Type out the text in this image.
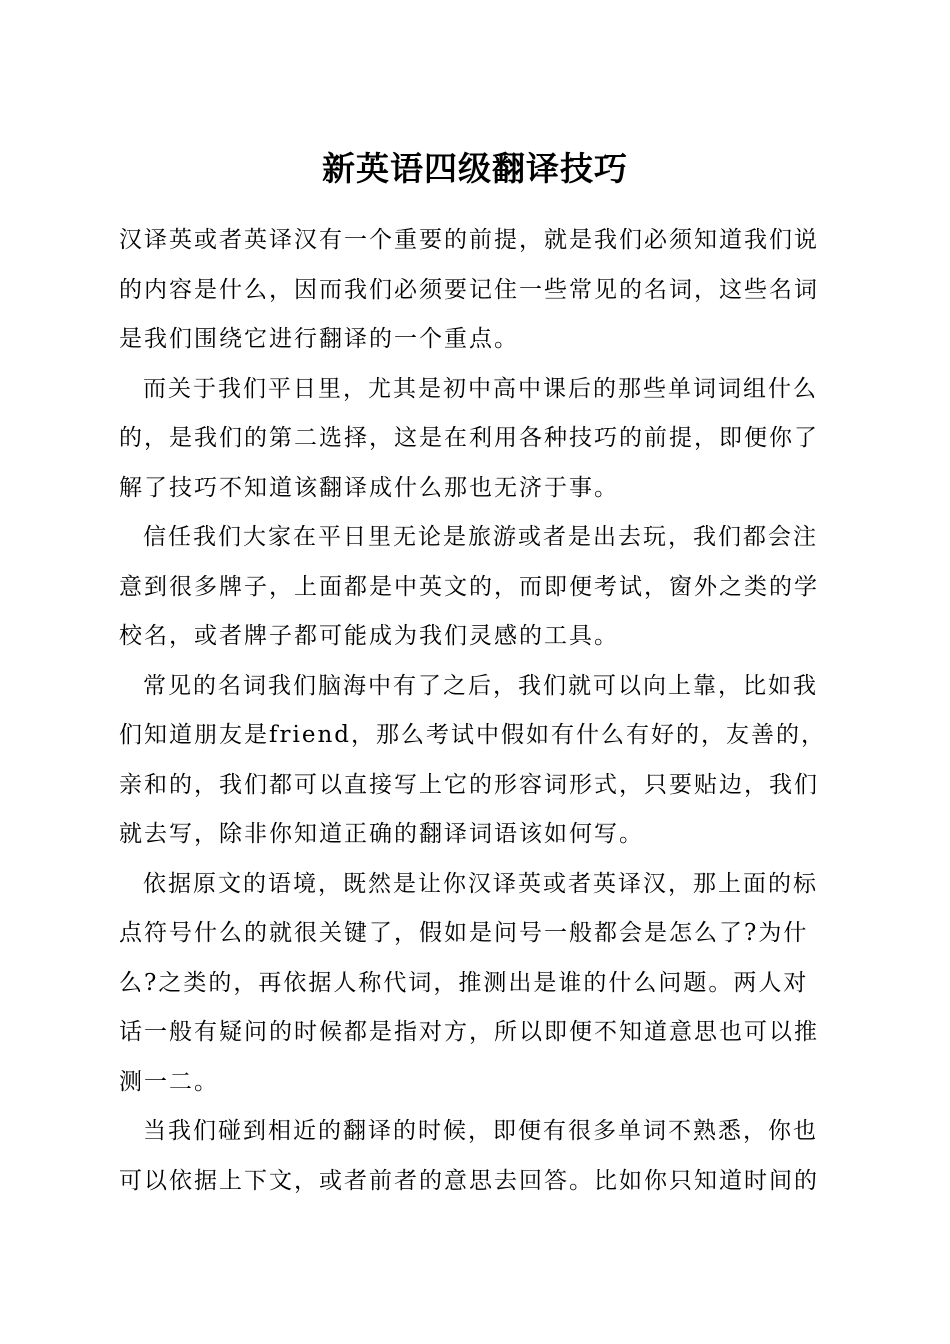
新英语四级翻译技巧
汉译英或者英译汉有一个重要的前提，就是我们必须知道我们说
的内容是什么，因而我们必须要记住一些常见的名词，这些名词
是我们围绕它进行翻译的一个重点。
而关于我们平日里，尤其是初中高中课后的那些单词词组什么
的，是我们的第二选择，这是在利用各种技巧的前提，即便你了
解了技巧不知道该翻译成什么那也无济于事。
信任我们大家在平日里无论是旅游或者是出去玩，我们都会注
意到很多牌子，上面都是中英文的，而即便考试，窗外之类的学
校名，或者牌子都可能成为我们灵感的工具。
常见的名词我们脑海中有了之后，我们就可以向上靠，比如我
们知道朋友是friend，那么考试中假如有什么有好的，友善的，
亲和的，我们都可以直接写上它的形容词形式，只要贴边，我们
就去写，除非你知道正确的翻译词语该如何写。
依据原文的语境，既然是让你汉译英或者英译汉，那上面的标
点符号什么的就很关键了，假如是问号一般都会是怎么了?为什
么?之类的，再依据人称代词，推测出是谁的什么问题。两人对
话一般有疑问的时候都是指对方，所以即便不知道意思也可以推
测一二。
当我们碰到相近的翻译的时候，即便有很多单词不熟悉，你也
可以依据上下文，或者前者的意思去回答。比如你只知道时间的
